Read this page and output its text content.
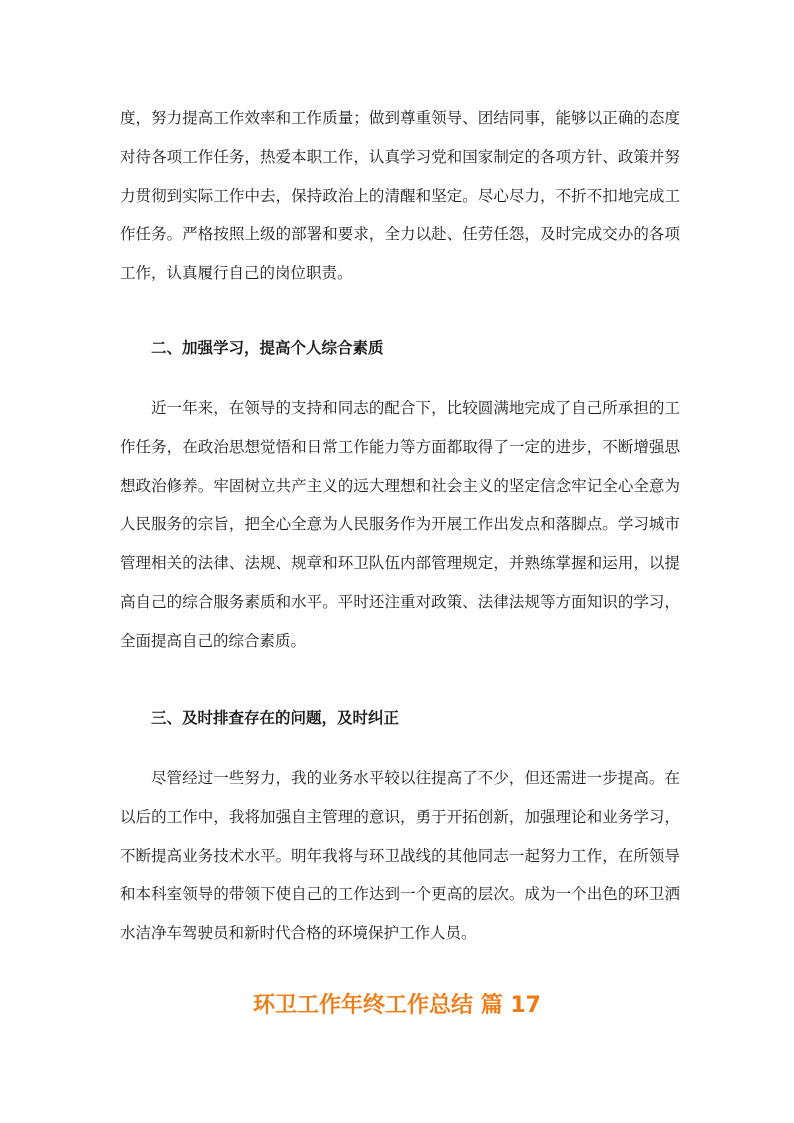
度，努力提高工作效率和工作质量；做到尊重领导、团结同事，能够以正确的态度对待各项工作任务，热爱本职工作，认真学习党和国家制定的各项方针、政策并努力贯彻到实际工作中去，保持政治上的清醒和坚定。尽心尽力，不折不扣地完成工作任务。严格按照上级的部署和要求，全力以赴、任劳任怨，及时完成交办的各项工作，认真履行自己的岗位职责。

二、加强学习，提高个人综合素质

近一年来，在领导的支持和同志的配合下，比较圆满地完成了自己所承担的工作任务，在政治思想觉悟和日常工作能力等方面都取得了一定的进步，不断增强思想政治修养。牢固树立共产主义的远大理想和社会主义的坚定信念牢记全心全意为人民服务的宗旨，把全心全意为人民服务作为开展工作出发点和落脚点。学习城市管理相关的法律、法规、规章和环卫队伍内部管理规定，并熟练掌握和运用，以提高自己的综合服务素质和水平。平时还注重对政策、法律法规等方面知识的学习，全面提高自己的综合素质。

三、及时排查存在的问题，及时纠正

尽管经过一些努力，我的业务水平较以往提高了不少，但还需进一步提高。在以后的工作中，我将加强自主管理的意识，勇于开拓创新，加强理论和业务学习，不断提高业务技术水平。明年我将与环卫战线的其他同志一起努力工作，在所领导和本科室领导的带领下使自己的工作达到一个更高的层次。成为一个出色的环卫洒水洁净车驾驶员和新时代合格的环境保护工作人员。

环卫工作年终工作总结 篇 17
